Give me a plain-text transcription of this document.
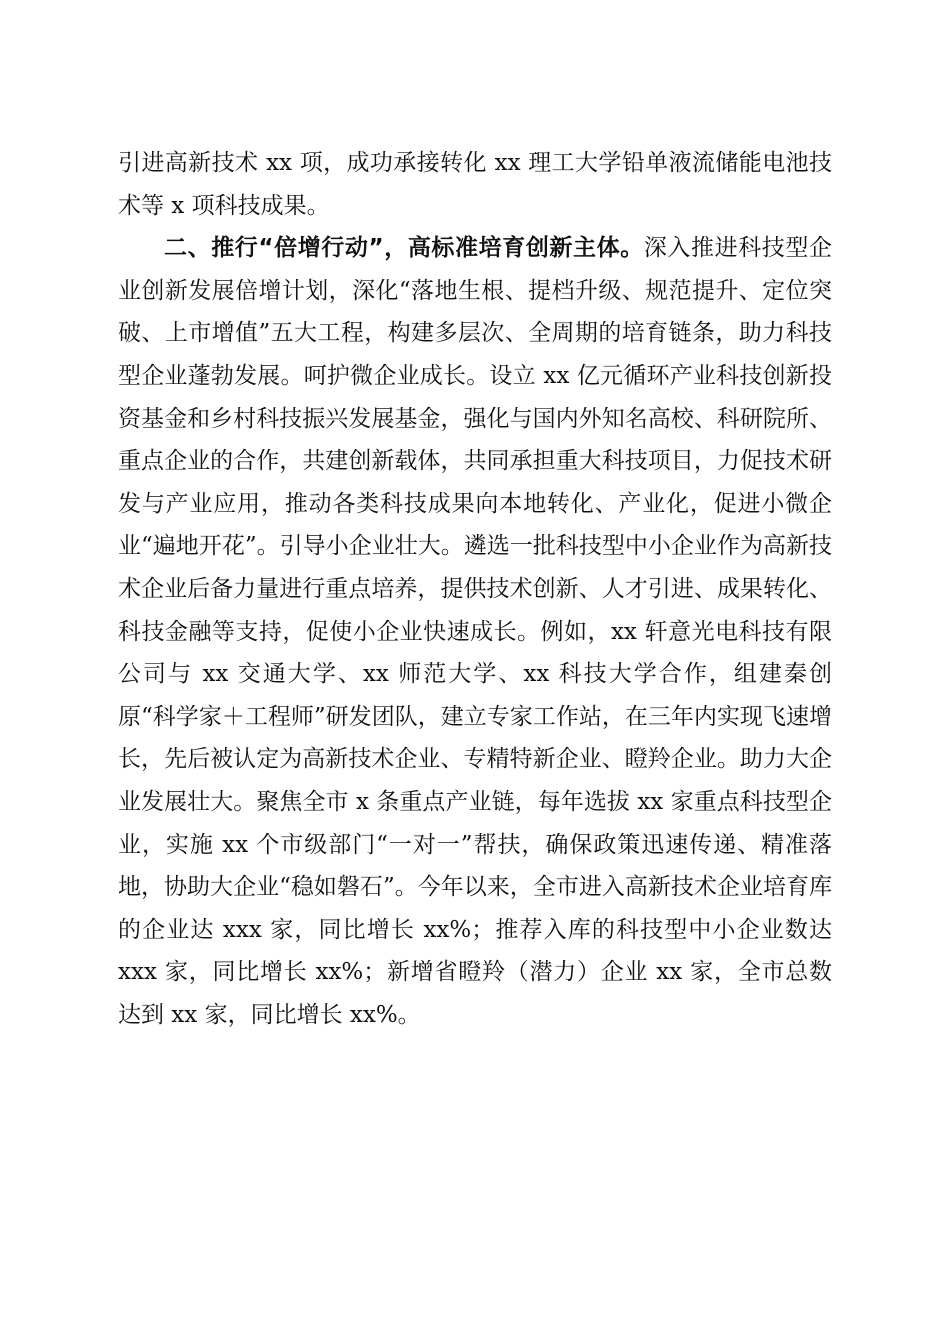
引进高新技术 xx 项，成功承接转化 xx 理工大学铅单液流储能电池技术等 x 项科技成果。

二、推行“倍增行动”，高标准培育创新主体。深入推进科技型企业创新发展倍增计划，深化“落地生根、提档升级、规范提升、定位突破、上市增值”五大工程，构建多层次、全周期的培育链条，助力科技型企业蓬勃发展。呵护微企业成长。设立 xx 亿元循环产业科技创新投资基金和乡村科技振兴发展基金，强化与国内外知名高校、科研院所、重点企业的合作，共建创新载体，共同承担重大科技项目，力促技术研发与产业应用，推动各类科技成果向本地转化、产业化，促进小微企业“遍地开花”。引导小企业壮大。遴选一批科技型中小企业作为高新技术企业后备力量进行重点培养，提供技术创新、人才引进、成果转化、科技金融等支持，促使小企业快速成长。例如，xx 轩意光电科技有限公司与 xx 交通大学、xx 师范大学、xx 科技大学合作，组建秦创原“科学家＋工程师”研发团队，建立专家工作站，在三年内实现飞速增长，先后被认定为高新技术企业、专精特新企业、瞪羚企业。助力大企业发展壮大。聚焦全市 x 条重点产业链，每年选拔 xx 家重点科技型企业，实施 xx 个市级部门“一对一”帮扶，确保政策迅速传递、精准落地，协助大企业“稳如磐石”。今年以来，全市进入高新技术企业培育库的企业达 xxx 家，同比增长 xx%；推荐入库的科技型中小企业数达 xxx 家，同比增长 xx%；新增省瞪羚（潜力）企业 xx 家，全市总数达到 xx 家，同比增长 xx%。
